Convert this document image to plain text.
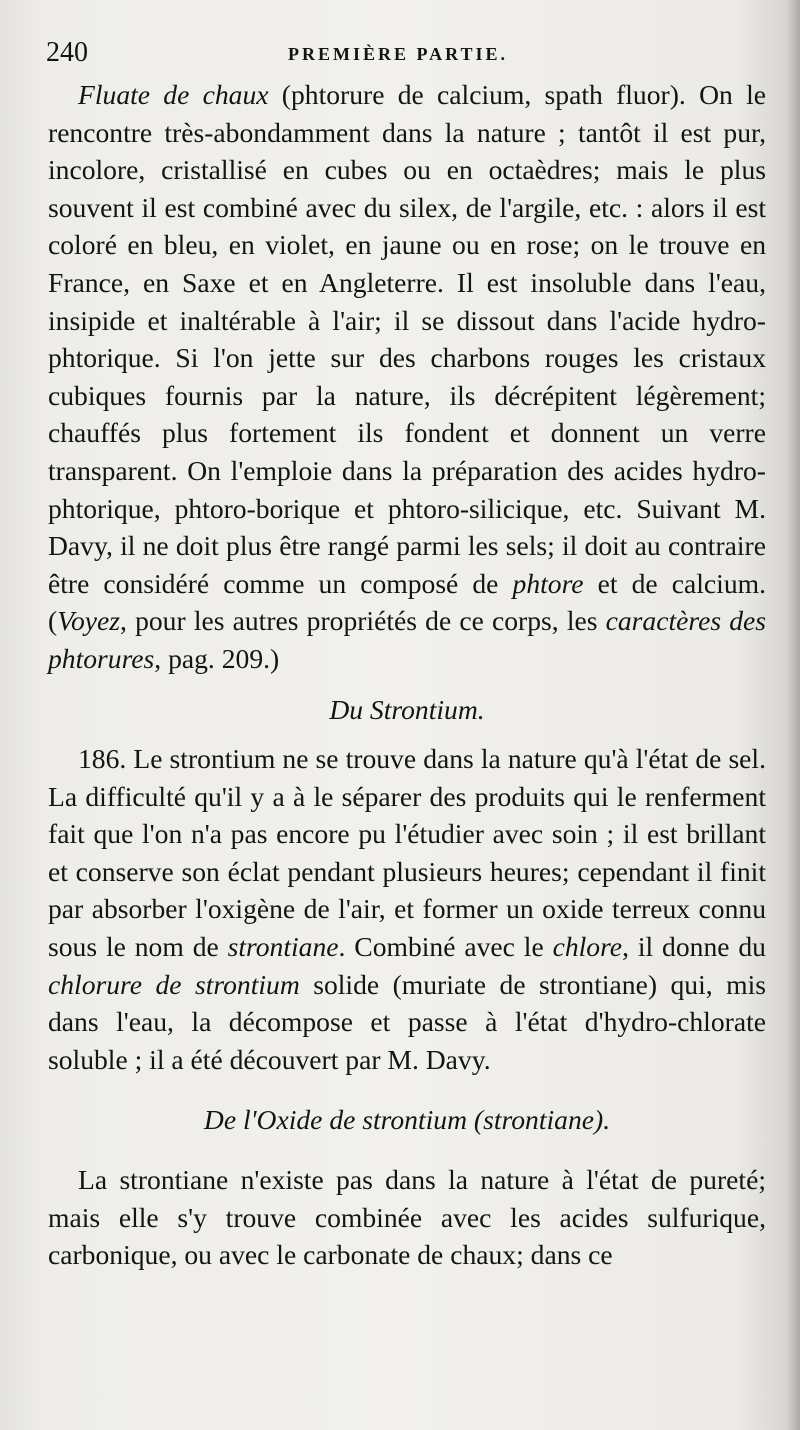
240	PREMIÈRE PARTIE.

Fluate de chaux (phtorure de calcium, spath fluor). On le rencontre très-abondamment dans la nature ; tantôt il est pur, incolore, cristallisé en cubes ou en octaèdres; mais le plus souvent il est combiné avec du silex, de l'argile, etc. : alors il est coloré en bleu, en violet, en jaune ou en rose; on le trouve en France, en Saxe et en Angleterre. Il est insoluble dans l'eau, insipide et inaltérable à l'air; il se dissout dans l'acide hydro-phtorique. Si l'on jette sur des charbons rouges les cristaux cubiques fournis par la nature, ils décrépitent légèrement; chauffés plus fortement ils fondent et donnent un verre transparent. On l'emploie dans la préparation des acides hydro-phtorique, phtoro-borique et phtoro-silicique, etc. Suivant M. Davy, il ne doit plus être rangé parmi les sels; il doit au contraire être considéré comme un composé de phtore et de calcium. (Voyez, pour les autres propriétés de ce corps, les caractères des phtorures, pag. 209.)

Du Strontium.

186. Le strontium ne se trouve dans la nature qu'à l'état de sel. La difficulté qu'il y a à le séparer des produits qui le renferment fait que l'on n'a pas encore pu l'étudier avec soin ; il est brillant et conserve son éclat pendant plusieurs heures; cependant il finit par absorber l'oxigène de l'air, et former un oxide terreux connu sous le nom de strontiane. Combiné avec le chlore, il donne du chlorure de strontium solide (muriate de strontiane) qui, mis dans l'eau, la décompose et passe à l'état d'hydro-chlorate soluble ; il a été découvert par M. Davy.

De l'Oxide de strontium (strontiane).

La strontiane n'existe pas dans la nature à l'état de pureté; mais elle s'y trouve combinée avec les acides sulfurique, carbonique, ou avec le carbonate de chaux; dans ce
